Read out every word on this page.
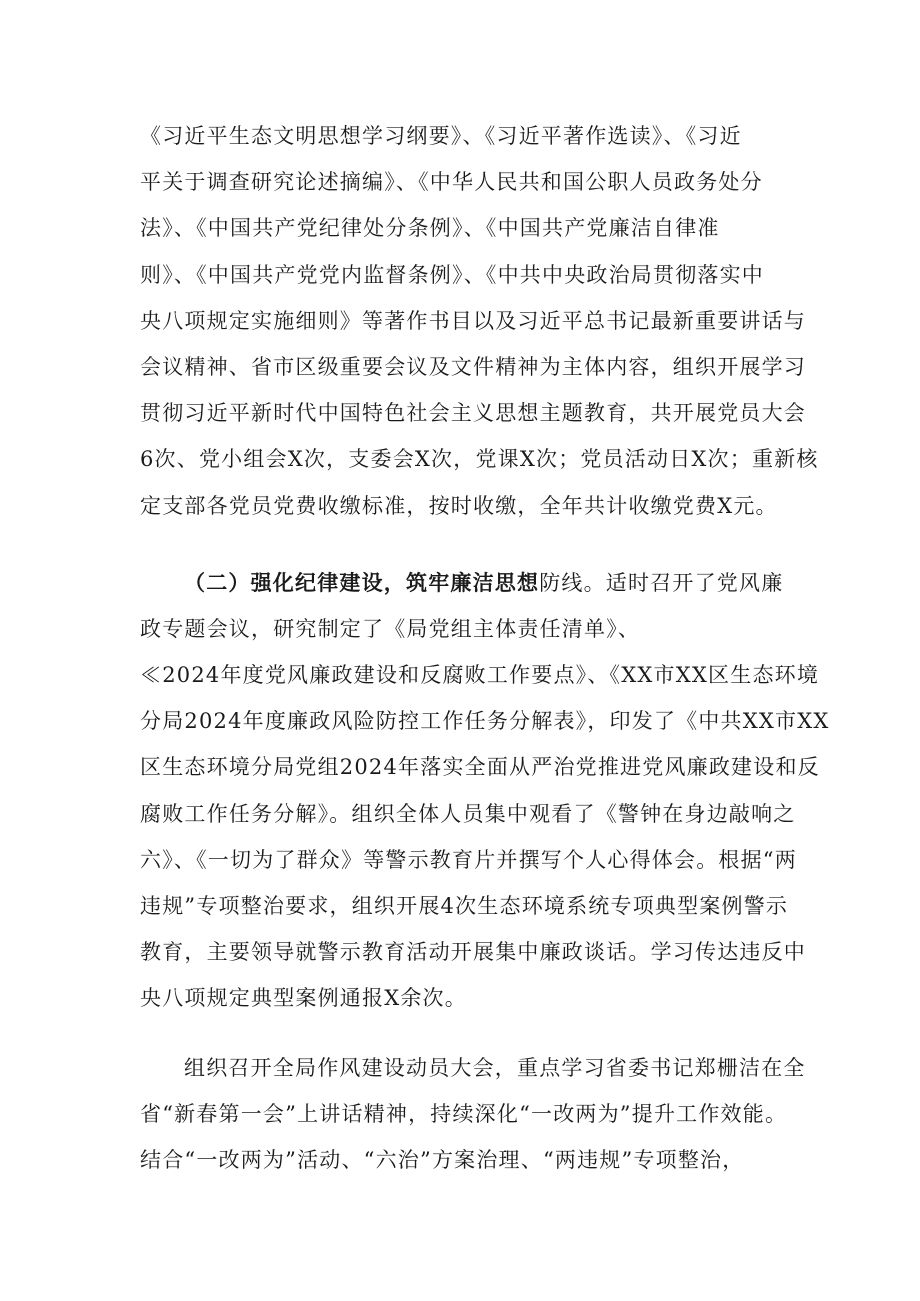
《习近平生态文明思想学习纲要》、《习近平著作选读》、《习近
平关于调查研究论述摘编》、《中华人民共和国公职人员政务处分
法》、《中国共产党纪律处分条例》、《中国共产党廉洁自律准
则》、《中国共产党党内监督条例》、《中共中央政治局贯彻落实中
央八项规定实施细则》等著作书目以及习近平总书记最新重要讲话与
会议精神、省市区级重要会议及文件精神为主体内容，组织开展学习
贯彻习近平新时代中国特色社会主义思想主题教育，共开展党员大会
6次、党小组会X次，支委会X次，党课X次；党员活动日X次；重新核
定支部各党员党费收缴标准，按时收缴，全年共计收缴党费X元。
（二）强化纪律建设，筑牢廉洁思想防线。适时召开了党风廉
政专题会议，研究制定了《局党组主体责任清单》、
≪2024年度党风廉政建设和反腐败工作要点》、《XX市XX区生态环境
分局2024年度廉政风险防控工作任务分解表》，印发了《中共XX市XX
区生态环境分局党组2024年落实全面从严治党推进党风廉政建设和反
腐败工作任务分解》。组织全体人员集中观看了《警钟在身边敲响之
六》、《一切为了群众》等警示教育片并撰写个人心得体会。根据“两
违规”专项整治要求，组织开展4次生态环境系统专项典型案例警示
教育，主要领导就警示教育活动开展集中廉政谈话。学习传达违反中
央八项规定典型案例通报X余次。
组织召开全局作风建设动员大会，重点学习省委书记郑栅洁在全
省“新春第一会”上讲话精神，持续深化“一改两为”提升工作效能。
结合“一改两为”活动、“六治”方案治理、“两违规”专项整治，
